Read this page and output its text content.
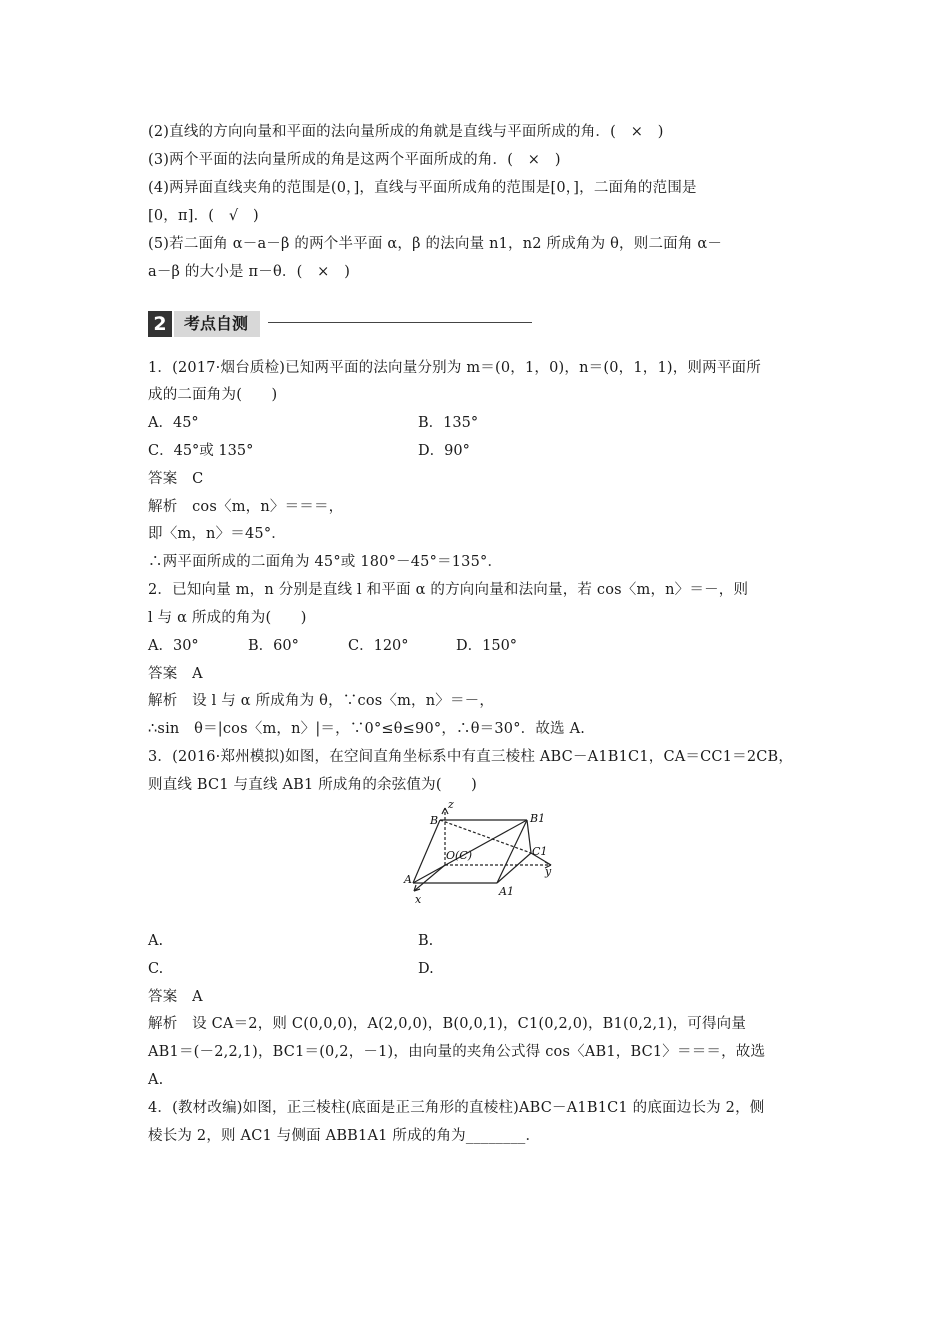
(2)直线的方向向量和平面的法向量所成的角就是直线与平面所成的角．(　×　)
(3)两个平面的法向量所成的角是这两个平面所成的角．(　×　)
(4)两异面直线夹角的范围是(0，]，直线与平面所成角的范围是[0，]，二面角的范围是
[0，π]．(　√　)
(5)若二面角 α－a－β 的两个半平面 α，β 的法向量 n1，n2 所成角为 θ，则二面角 α－
a－β 的大小是 π－θ．(　×　)
2	考点自测
1．(2017·烟台质检)已知两平面的法向量分别为 m＝(0，1，0)，n＝(0，1，1)，则两平面所
成的二面角为(　　)
A．45°	B．135°
C．45°或 135°	D．90°
答案　C
解析　cos〈m，n〉＝＝＝，
即〈m，n〉＝45°．
∴两平面所成的二面角为 45°或 180°－45°＝135°．
2．已知向量 m，n 分别是直线 l 和平面 α 的方向向量和法向量，若 cos〈m，n〉＝－，则
l 与 α 所成的角为(　　)
A．30°	B．60°	C．120°	D．150°
答案　A
解析　设 l 与 α 所成角为 θ，∵cos〈m，n〉＝－，
∴sin　θ＝|cos〈m，n〉|＝，∵0°≤θ≤90°，∴θ＝30°．故选 A.
3．(2016·郑州模拟)如图，在空间直角坐标系中有直三棱柱 ABC－A1B1C1，CA＝CC1＝2CB，
则直线 BC1 与直线 AB1 所成角的余弦值为(　　)
z
y
x
B	B1
O(C)	C1
A
A1
A.	B.
C.	D.
答案　A
解析　设 CA＝2，则 C(0,0,0)，A(2,0,0)，B(0,0,1)，C1(0,2,0)，B1(0,2,1)，可得向量
AB1＝(－2,2,1)，BC1＝(0,2，－1)，由向量的夹角公式得 cos〈AB1，BC1〉＝＝＝，故选
A.
4．(教材改编)如图，正三棱柱(底面是正三角形的直棱柱)ABC－A1B1C1 的底面边长为 2，侧
棱长为 2，则 AC1 与侧面 ABB1A1 所成的角为________．
